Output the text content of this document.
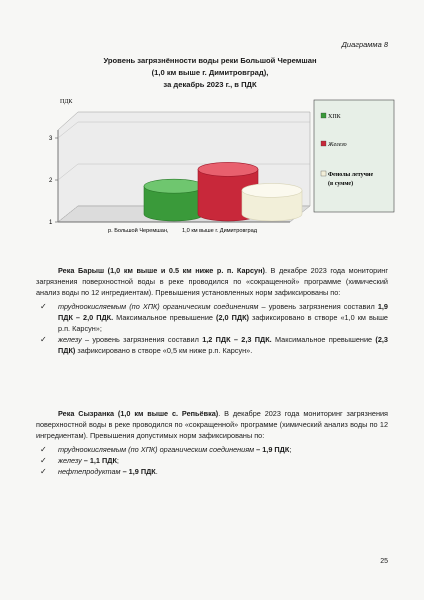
Диаграмма 8
Уровень загрязнённости воды реки Большой Черемшан
(1,0 км выше г. Димитровград),
за декабрь 2023 г., в ПДК
1
2
3
ПДК
р. Большой Черемшан, 1,0 км выше г. Димитровград
ХПК
Железо
Фенолы летучие
(в сумме)
Река Барыш (1,0 км выше и 0.5 км ниже р. п. Карсун). В декабре 2023 года мониторинг загрязнения поверхностной воды в реке проводился по «сокращенной» программе (химический анализ воды по 12 ингредиентам). Превышения установленных норм зафиксированы по:
✓ трудноокисляемым (по ХПК) органическим соединениям – уровень загрязнения составил 1,9 ПДК – 2,0 ПДК. Максимальное превышение (2,0 ПДК) зафиксировано в створе «1,0 км выше р.п. Карсун»;
✓ железу – уровень загрязнения составил 1,2 ПДК – 2,3 ПДК. Максимальное превышение (2,3 ПДК) зафиксировано в створе «0,5 км ниже р.п. Карсун».
Река Сызранка (1,0 км выше с. Репьёвка). В декабре 2023 года мониторинг загрязнения поверхностной воды в реке проводился по «сокращенной» программе (химический анализ воды по 12 ингредиентам). Превышения допустимых норм зафиксированы по:
✓ трудноокисляемым (по ХПК) органическим соединениям – 1,9 ПДК;
✓ железу – 1,1 ПДК;
✓ нефтепродуктам – 1,9 ПДК.
25
